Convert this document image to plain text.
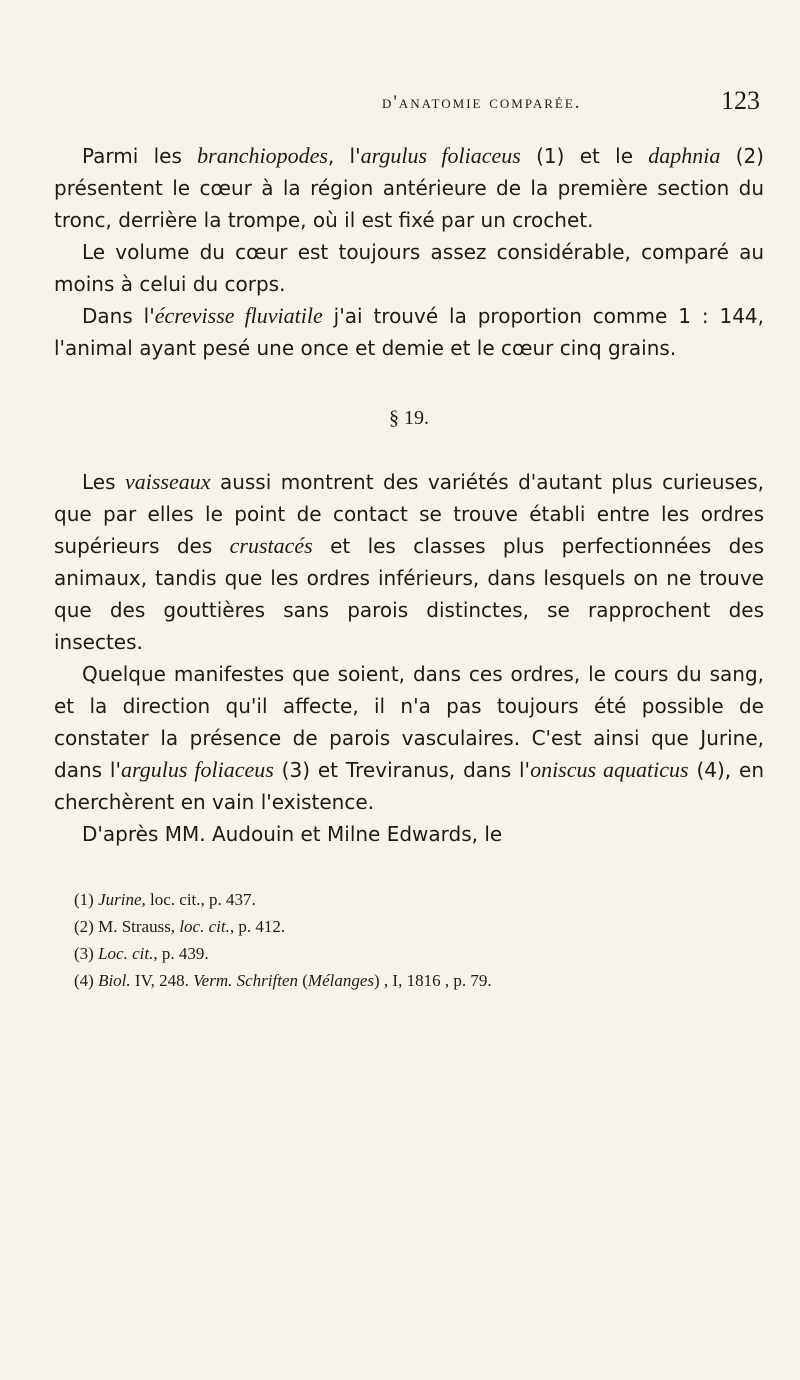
d'anatomie comparée.	123

Parmi les branchiopodes, l'argulus foliaceus (1) et le daphnia (2) présentent le cœur à la région antérieure de la première section du tronc, derrière la trompe, où il est fixé par un crochet.

Le volume du cœur est toujours assez considérable, comparé au moins à celui du corps.

Dans l'écrevisse fluviatile j'ai trouvé la proportion comme 1 : 144, l'animal ayant pesé une once et demie et le cœur cinq grains.

§ 19.

Les vaisseaux aussi montrent des variétés d'autant plus curieuses, que par elles le point de contact se trouve établi entre les ordres supérieurs des crustacés et les classes plus perfectionnées des animaux, tandis que les ordres inférieurs, dans lesquels on ne trouve que des gouttières sans parois distinctes, se rapprochent des insectes.

Quelque manifestes que soient, dans ces ordres, le cours du sang, et la direction qu'il affecte, il n'a pas toujours été possible de constater la présence de parois vasculaires. C'est ainsi que Jurine, dans l'argulus foliaceus (3) et Treviranus, dans l'oniscus aquaticus (4), en cherchèrent en vain l'existence.

D'après MM. Audouin et Milne Edwards, le

(1) Jurine, loc. cit., p. 437.

(2) M. Strauss, loc. cit., p. 412.

(3) Loc. cit., p. 439.

(4) Biol. IV, 248. Verm. Schriften (Mélanges) , I, 1816 , p. 79.
